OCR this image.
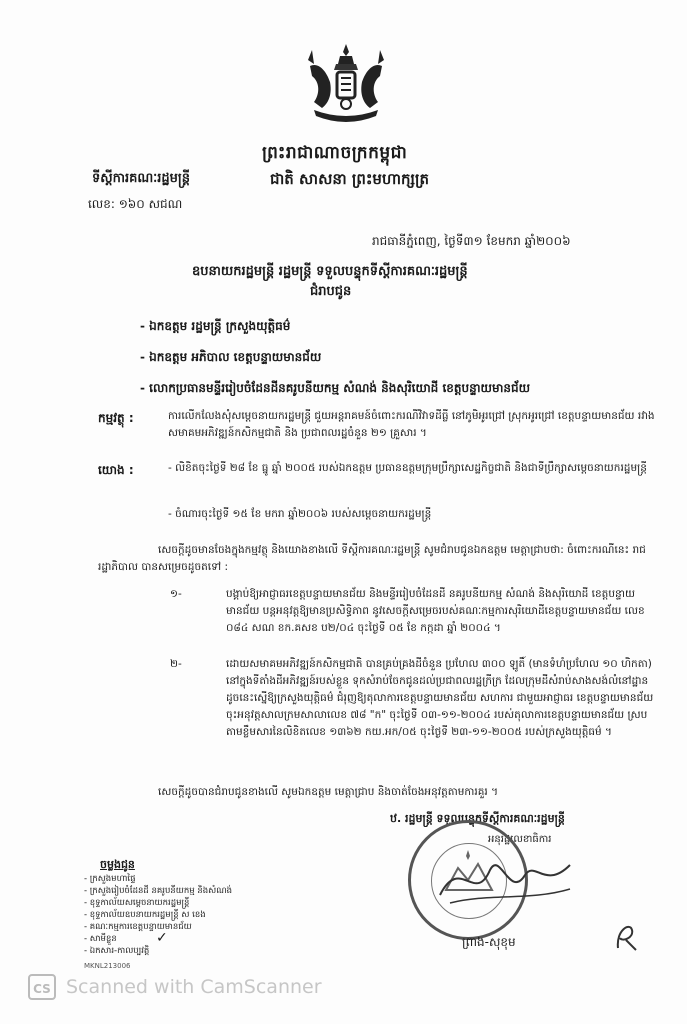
ព្រះរាជាណាចក្រកម្ពុជា
ទីស្តីការគណៈរដ្ឋមន្ត្រី	ជាតិ សាសនា ព្រះមហាក្សត្រ
លេខ: ១៦០ សជណ
រាជធានីភ្នំពេញ, ថ្ងៃទី៣១ ខែមករា ឆ្នាំ២០០៦
ឧបនាយករដ្ឋមន្ត្រី រដ្ឋមន្ត្រី ទទួលបន្ទុកទីស្តីការគណៈរដ្ឋមន្ត្រី
ជំរាបជូន
- ឯកឧត្តម រដ្ឋមន្ត្រី ក្រសួងយុត្តិធម៌
- ឯកឧត្តម អភិបាល ខេត្តបន្ទាយមានជ័យ
- លោកប្រធានមន្ទីររៀបចំដែនដីនគរូបនីយកម្ម សំណង់ និងសុរិយោដី ខេត្តបន្ទាយមានជ័យ
កម្មវត្ថុ :	ការលើកលែងសុំសម្តេចនាយករដ្ឋមន្ត្រី ជួយអន្តរាគមន៍ចំពោះករណីវិវាទដីធ្លី នៅភូមិអូរជ្រៅ ស្រុកអូរជ្រៅ ខេត្តបន្ទាយមានជ័យ រវាងសមាគមអភិវឌ្ឍន៍កសិកម្មជាតិ និង ប្រជាពលរដ្ឋចំនួន ២១ គ្រួសារ ។
យោង :	- លិខិតចុះថ្ងៃទី ២៨ ខែ ធ្នូ ឆ្នាំ ២០០៥ របស់ឯកឧត្តម ប្រធានឧត្តមក្រុមប្រឹក្សាសេដ្ឋកិច្ចជាតិ និងជាទីប្រឹក្សាសម្តេចនាយករដ្ឋមន្ត្រី
- ចំណារចុះថ្ងៃទី ១៥ ខែ មករា ឆ្នាំ២០០៦ របស់សម្តេចនាយករដ្ឋមន្ត្រី
សេចក្តីដូចមានចែងក្នុងកម្មវត្ថុ និងយោងខាងលើ ទីស្តីការគណៈរដ្ឋមន្ត្រី សូមជំរាបជូនឯកឧត្តម មេត្តាជ្រាបថា: ចំពោះករណីនេះ រាជរដ្ឋាភិបាល បានសម្រេចដូចតទៅ :
១-	បង្គាប់ឱ្យអាជ្ញាធរខេត្តបន្ទាយមានជ័យ និងមន្ទីររៀបចំដែនដី នគរូបនីយកម្ម សំណង់ និងសុរិយោដី ខេត្តបន្ទាយមានជ័យ បន្តអនុវត្តឱ្យមានប្រសិទ្ធិភាព នូវសេចក្តីសម្រេចរបស់គណៈកម្មការសុរិយោដីខេត្តបន្ទាយមានជ័យ លេខ ០៨៤ សណ ខក.គសខ ប២/០៤ ចុះថ្ងៃទី ០៥ ខែ កក្កដា ឆ្នាំ ២០០៤ ។
២-	ដោយសមាគមអភិវឌ្ឍន៍កសិកម្មជាតិ បានគ្រប់គ្រងដីចំនួន ប្រហែល ៣០០ ឡូតិ៍ (មានទំហំប្រហែល ១០ ហិកតា) នៅក្នុងទីតាំងដីអភិវឌ្ឍន៍របស់ខ្លួន ទុកសំរាប់ចែកជូនដល់ប្រជាពលរដ្ឋក្រីក្រ ដែលក្រុមដីសំរាប់សាងសង់លំនៅដ្ឋាន ដូចនេះស្នើឱ្យក្រសួងយុត្តិធម៌ ជំរុញឱ្យតុលាការខេត្តបន្ទាយមានជ័យ សហការ ជាមួយអាជ្ញាធរ ខេត្តបន្ទាយមានជ័យ ចុះអនុវត្តសាលក្រមសាលាលេខ ៧៨ "ក" ចុះថ្ងៃទី ០៣-១១-២០០៤ របស់តុលាការខេត្តបន្ទាយមានជ័យ ស្របតាមខ្លឹមសារនៃលិខិតលេខ ១៣៦២ កយ.អក/០៥ ចុះថ្ងៃទី ២៣-១១-២០០៥ របស់ក្រសួងយុត្តិធម៌ ។
សេចក្តីដូចបានជំរាបជូនខាងលើ សូមឯកឧត្តម មេត្តាជ្រាប និងចាត់ចែងអនុវត្តតាមការគួរ ។
ឋ. រដ្ឋមន្ត្រី ទទួលបន្ទុកទីស្តីការគណៈរដ្ឋមន្ត្រី
អនុរដ្ឋលេខាធិការ
ព្រាង-សុខុម
ចម្លងជូន
- ក្រសួងមហាផ្ទៃ
- ក្រសួងរៀបចំដែនដី នគរូបនីយកម្ម និងសំណង់
- ខុទ្ទកាល័យសម្តេចនាយករដ្ឋមន្ត្រី
- ខុទ្ទកាល័យឧបនាយករដ្ឋមន្ត្រី ស ខេង
- គណៈកម្មការខេត្តបន្ទាយមានជ័យ
- សាមីខ្លួន
- ឯកសារ-កាលប្បវត្តិ
✓
MKNL213006
CS Scanned with CamScanner
